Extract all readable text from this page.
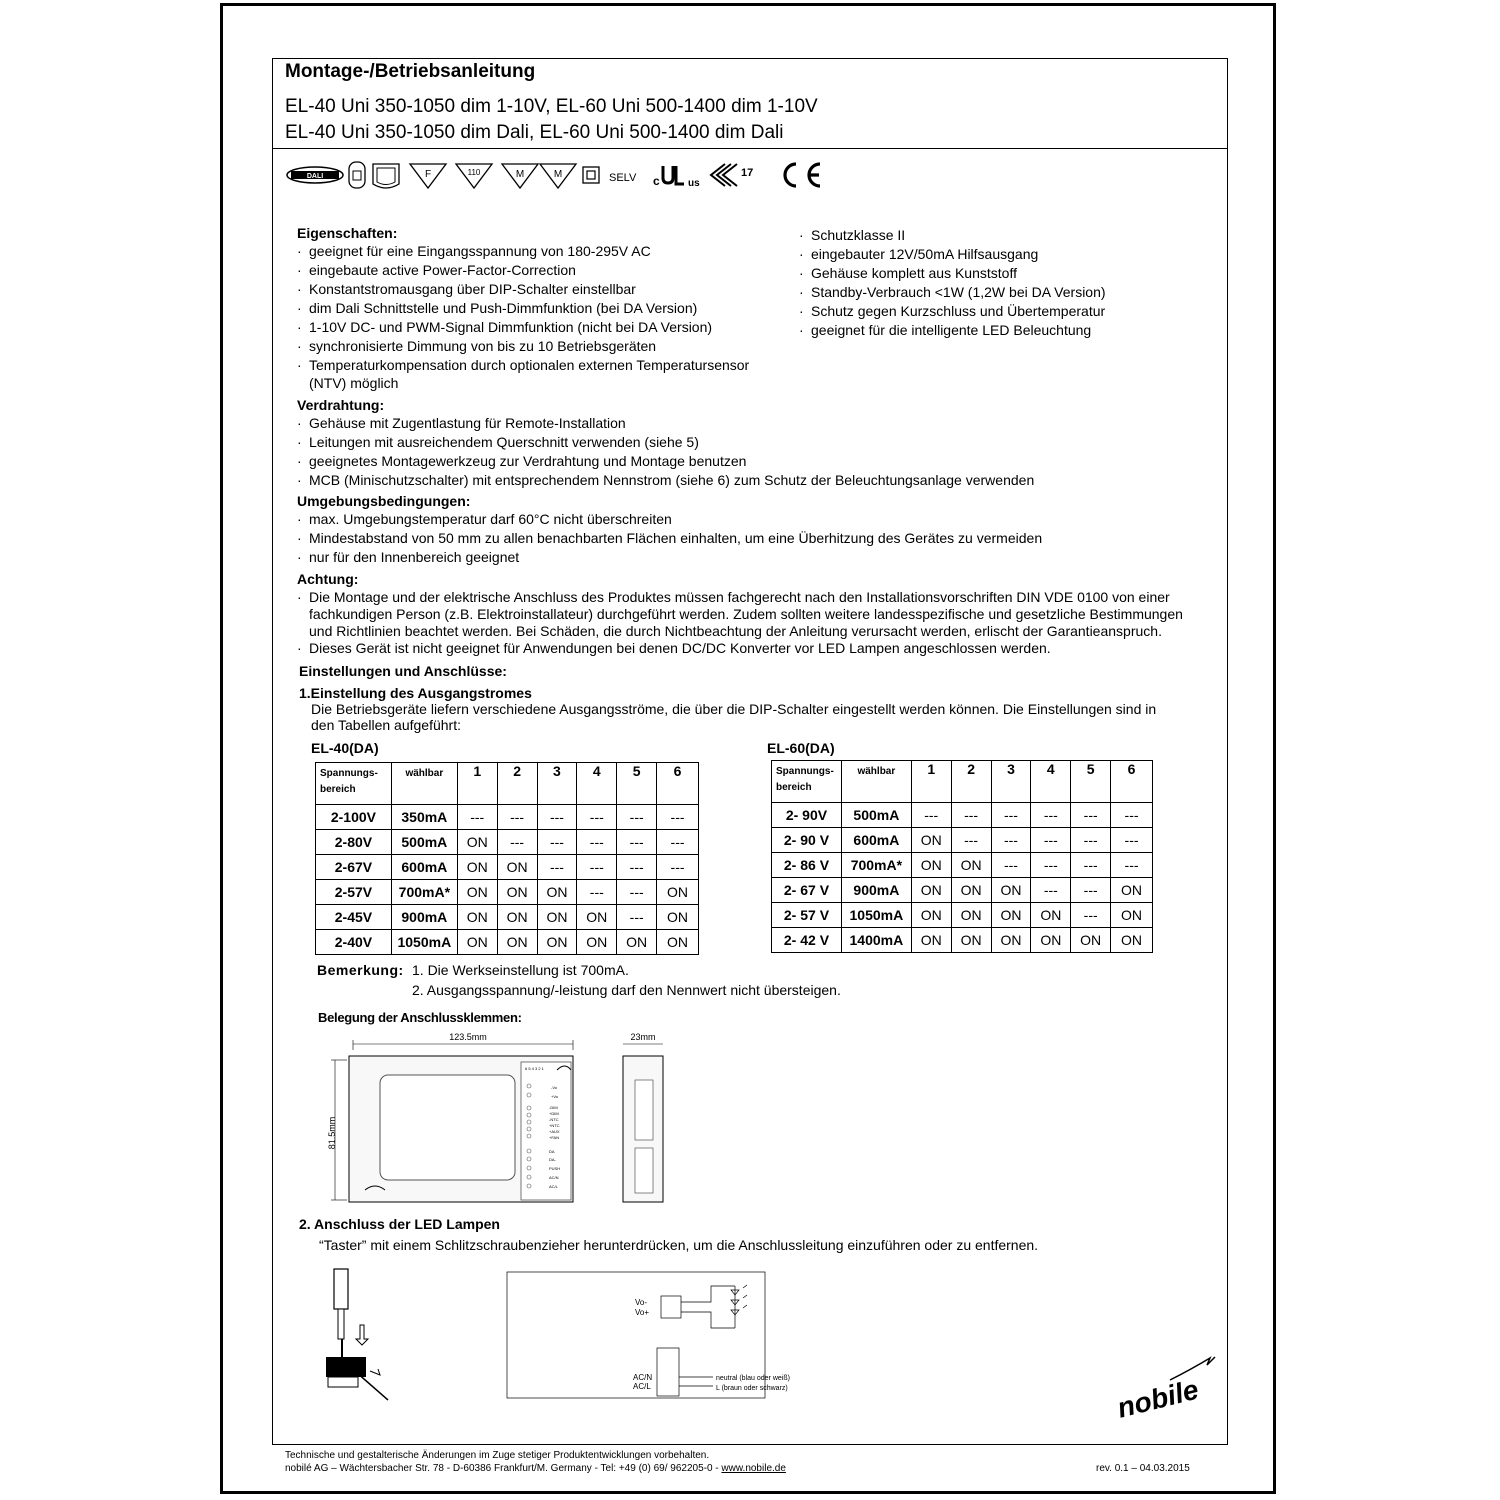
Montage-/Betriebsanleitung
EL-40 Uni 350-1050 dim 1-10V, EL-60 Uni 500-1400 dim 1-10V
EL-40 Uni 350-1050 dim Dali, EL-60 Uni 500-1400 dim Dali
DALI	F	110	M	M	SELV c	us
17
CE
Eigenschaften:
· geeignet für eine Eingangsspannung von 180-295V AC
· eingebaute active Power-Factor-Correction
· Konstantstromausgang über DIP-Schalter einstellbar
· dim Dali Schnittstelle und Push-Dimmfunktion (bei DA Version)
· 1-10V DC- und PWM-Signal Dimmfunktion (nicht bei DA Version)
· synchronisierte Dimmung von bis zu 10 Betriebsgeräten
· Temperaturkompensation durch optionalen externen Temperatursensor
(NTV) möglich
· Schutzklasse II
· eingebauter 12V/50mA Hilfsausgang
· Gehäuse komplett aus Kunststoff
· Standby-Verbrauch <1W (1,2W bei DA Version)
· Schutz gegen Kurzschluss und Übertemperatur
· geeignet für die intelligente LED Beleuchtung
Verdrahtung:
· Gehäuse mit Zugentlastung für Remote-Installation
· Leitungen mit ausreichendem Querschnitt verwenden (siehe 5)
· geeignetes Montagewerkzeug zur Verdrahtung und Montage benutzen
· MCB (Minischutzschalter) mit entsprechendem Nennstrom (siehe 6) zum Schutz der Beleuchtungsanlage verwenden
Umgebungsbedingungen:
· max. Umgebungstemperatur darf 60°C nicht überschreiten
· Mindestabstand von 50 mm zu allen benachbarten Flächen einhalten, um eine Überhitzung des Gerätes zu vermeiden
· nur für den Innenbereich geeignet
Achtung:
· Die Montage und der elektrische Anschluss des Produktes müssen fachgerecht nach den Installationsvorschriften DIN VDE 0100 von einer
fachkundigen Person (z.B. Elektroinstallateur) durchgeführt werden. Zudem sollten weitere landesspezifische und gesetzliche Bestimmungen
und Richtlinien beachtet werden. Bei Schäden, die durch Nichtbeachtung der Anleitung verursacht werden, erlischt der Garantieanspruch.
· Dieses Gerät ist nicht geeignet für Anwendungen bei denen DC/DC Konverter vor LED Lampen angeschlossen werden.
Einstellungen und Anschlüsse:
1.Einstellung des Ausgangstromes
Die Betriebsgeräte liefern verschiedene Ausgangsströme, die über die DIP-Schalter eingestellt werden können. Die Einstellungen sind in
den Tabellen aufgeführt:
EL-40(DA)	EL-60(DA)
Spannungs-
bereich	wählbar	1	2	3	4	5	6
2-100V	350mA	---	---	---	---	---	---
2-80V	500mA	ON	---	---	---	---	---
2-67V	600mA	ON	ON	---	---	---	---
2-57V	700mA*	ON	ON	ON	---	---	ON
2-45V	900mA	ON	ON	ON	ON	---	ON
2-40V	1050mA	ON	ON	ON	ON	ON	ON
Spannungs-
bereich	wählbar	1	2	3	4	5	6
2- 90V	500mA	---	---	---	---	---	---
2- 90 V	600mA	ON	---	---	---	---	---
2- 86 V	700mA*	ON	ON	---	---	---	---
2- 67 V	900mA	ON	ON	ON	---	---	ON
2- 57 V	1050mA	ON	ON	ON	ON	---	ON
2- 42 V	1400mA	ON	ON	ON	ON	ON	ON
Bemerkung: 1. Die Werkseinstellung ist 700mA.
2. Ausgangsspannung/-leistung darf den Nennwert nicht übersteigen.
Belegung der Anschlussklemmen:
123.5mm
81.5mm
6 5 4 3 2 1
-Vo
+Vo
-DIM
+DIM
-NTC
+NTC
+AUX
+FAN
DA
DA-
PUSH
AC/N
AC/L
23mm
2. Anschluss der LED Lampen
“Taster” mit einem Schlitzschraubenzieher herunterdrücken, um die Anschlussleitung einzuführen oder zu entfernen.
Vo-
Vo+
AC/N
AC/L
neutral (blau oder weiß)
L (braun oder schwarz)	nobile
Technische und gestalterische Änderungen im Zuge stetiger Produktentwicklungen vorbehalten.
nobilé AG – Wächtersbacher Str. 78 - D-60386 Frankfurt/M. Germany - Tel: +49 (0) 69/ 962205-0 - www.nobile.de	rev. 0.1 – 04.03.2015
